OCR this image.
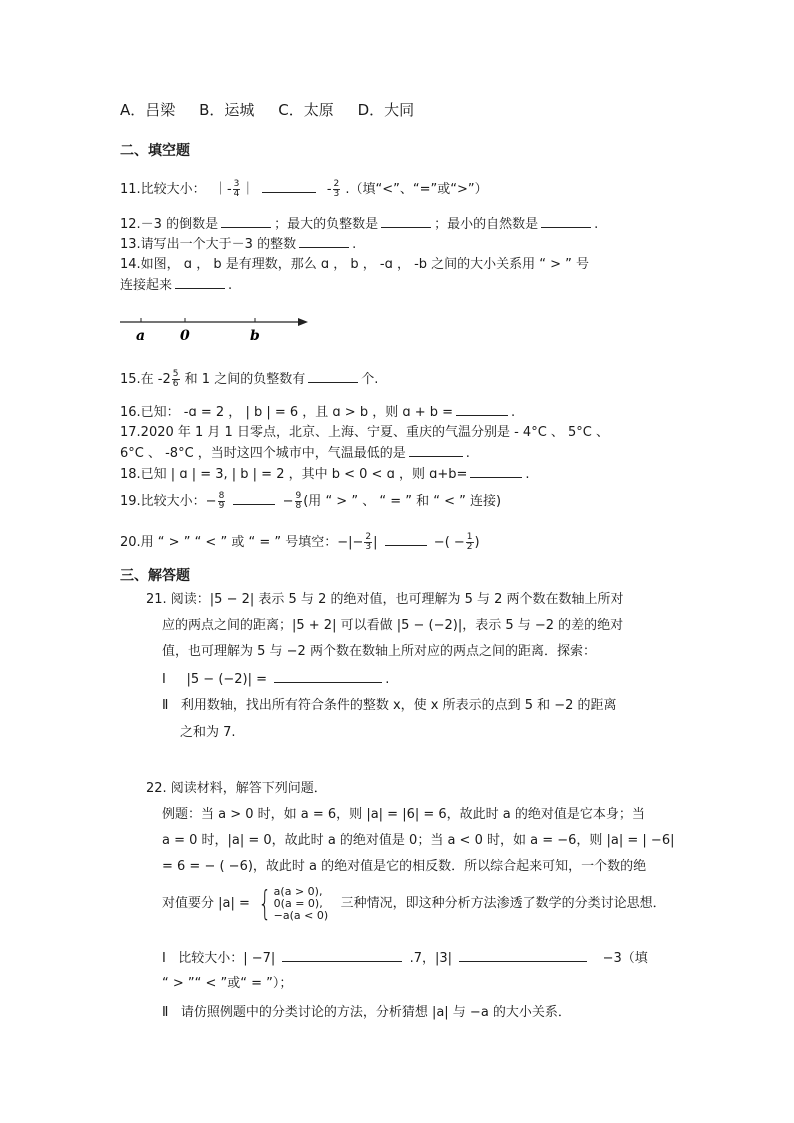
A．吕梁 B．运城 C．太原 D．大同
二、填空题
11.比较大小： ｜- $\frac{3}{4}$ ｜	- $\frac{2}{3}$ .（填“<”、“=”或“>”）
12.－3 的倒数是	；最大的负整数是	；最小的自然数是	.
13.请写出一个大于－3 的整数	.
14.如图， ɑ ， b 是有理数，那么 ɑ ， b ， -ɑ ， -b 之间的大小关系用 “ > ” 号
连接起来	.
a 0	b
15.在 $-2 \frac{5}{6}$ 和 1 之间的负整数有	个.
16.已知： -ɑ = 2 ， | b | = 6 ，且 ɑ > b ，则 ɑ + b =	.
17.2020 年 1 月 1 日零点，北京、上海、宁夏、重庆的气温分别是 - 4°C 、 5°C 、
6°C 、 -8°C ，当时这四个城市中，气温最低的是	.
18.已知 | ɑ | = 3, | b | = 2 ，其中 b < 0 < ɑ ，则 ɑ+b=	.
19.比较大小：− $\frac{8}{9}$	− $\frac{9}{8}$ (用 “ > ” 、 “ = ” 和 “ < ” 连接)
20.用 “ > ” “ < ” 或 “ = ” 号填空：−|− $\frac{2}{3}$ |	−( − $\frac{1}{2}$ )
三、解答题
21. 阅读：|5 − 2| 表示 5 与 2 的绝对值，也可理解为 5 与 2 两个数在数轴上所对
应的两点之间的距离；|5 + 2| 可以看做 |5 − (−2)|，表示 5 与 −2 的差的绝对
值，也可理解为 5 与 −2 两个数在数轴上所对应的两点之间的距离．探索：
Ⅰ |5 − (−2)| =	.
Ⅱ 利用数轴，找出所有符合条件的整数 x，使 x 所表示的点到 5 和 −2 的距离
之和为 7.
22. 阅读材料，解答下列问题．
例题：当 a > 0 时，如 a = 6，则 |a| = |6| = 6，故此时 a 的绝对值是它本身；当
a = 0 时，|a| = 0，故此时 a 的绝对值是 0；当 a < 0 时，如 a = −6，则 |a| = | −6|
= 6 = − ( −6)，故此时 a 的绝对值是它的相反数．所以综合起来可知，一个数的绝
对值要分 |a| = { a(a > 0),
0(a = 0),
−a(a < 0)
三种情况，即这种分析方法渗透了数学的分类讨论思想．
Ⅰ 比较大小：| −7|	.7，|3|	−3（填
“ > ”“ < ”或“ = ”）；
Ⅱ 请仿照例题中的分类讨论的方法，分析猜想 |a| 与 −a 的大小关系．
